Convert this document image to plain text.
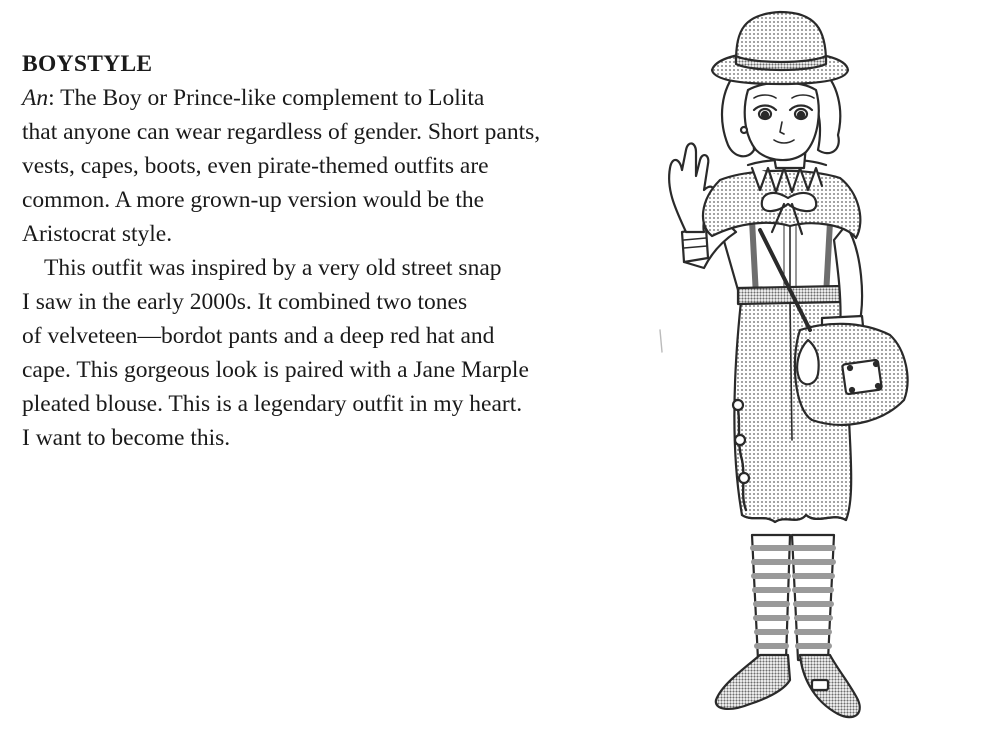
BOYSTYLE
An: The Boy or Prince-like complement to Lolita
that anyone can wear regardless of gender. Short pants,
vests, capes, boots, even pirate-themed outfits are
common. A more grown-up version would be the
Aristocrat style.
This outfit was inspired by a very old street snap
I saw in the early 2000s. It combined two tones
of velveteen—bordot pants and a deep red hat and
cape. This gorgeous look is paired with a Jane Marple
pleated blouse. This is a legendary outfit in my heart.
I want to become this.
